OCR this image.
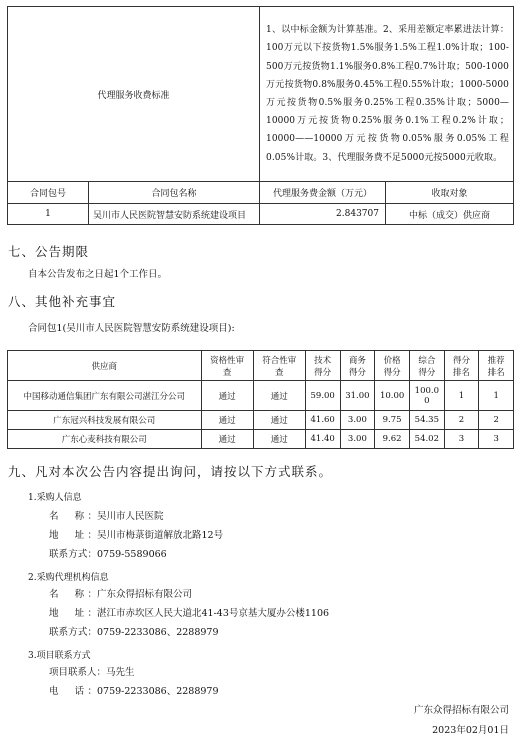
代理服务收费标准		1、以中标金额为计算基准。2、采用差额定率累进法计算：100万元以下按货物1.5%服务1.5%工程1.0%计取；100-500万元按货物1.1%服务0.8%工程0.7%计取；500-1000万元按货物0.8%服务0.45%工程0.55%计取；1000-5000万元按货物0.5%服务0.25%工程0.35%计取；5000—10000万元按货物0.25%服务0.1%工程0.2%计取；10000——10000万元按货物0.05%服务0.05%工程0.05%计取。3、代理服务费不足5000元按5000元收取。	
合同包号	合同包名称	代理服务费金额（万元）	收取对象
1	吴川市人民医院智慧安防系统建设项目	2.843707	中标（成交）供应商
七、公告期限
自本公告发布之日起1个工作日。
八、其他补充事宜
合同包1(吴川市人民医院智慧安防系统建设项目):
供应商	资格性审查	符合性审查	技术得分	商务得分	价格得分	综合得分	得分排名	推荐排名
中国移动通信集团广东有限公司湛江分公司	通过	通过	59.00	31.00	10.00	100.00	1	1
广东冠兴科技发展有限公司	通过	通过	41.60	3.00	9.75	54.35	2	2
广东心麦科技有限公司	通过	通过	41.40	3.00	9.62	54.02	3	3
九、凡对本次公告内容提出询问，请按以下方式联系。
1.采购人信息
名　称：吴川市人民医院
地　址：吴川市梅菉街道解放北路12号
联系方式：0759-5589066
2.采购代理机构信息
名　称：广东众得招标有限公司
地　址：湛江市赤坎区人民大道北41-43号京基大厦办公楼1106
联系方式：0759-2233086、2288979
3.项目联系方式
项目联系人：马先生
电　话：0759-2233086、2288979
广东众得招标有限公司
2023年02月01日
